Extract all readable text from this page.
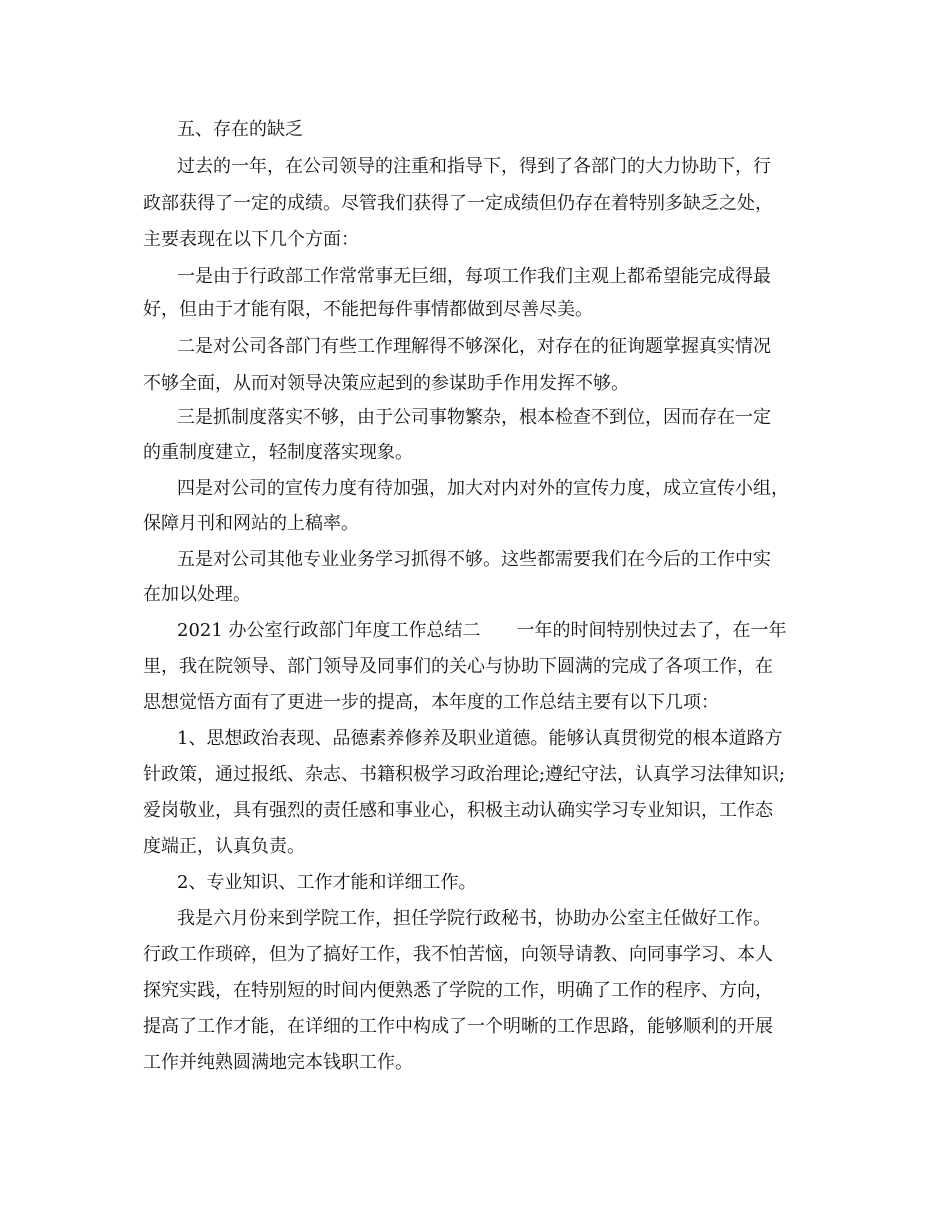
五、存在的缺乏
过去的一年，在公司领导的注重和指导下，得到了各部门的大力协助下，行
政部获得了一定的成绩。尽管我们获得了一定成绩但仍存在着特别多缺乏之处，
主要表现在以下几个方面：
一是由于行政部工作常常事无巨细，每项工作我们主观上都希望能完成得最
好，但由于才能有限，不能把每件事情都做到尽善尽美。
二是对公司各部门有些工作理解得不够深化，对存在的征询题掌握真实情况
不够全面，从而对领导决策应起到的参谋助手作用发挥不够。
三是抓制度落实不够，由于公司事物繁杂，根本检查不到位，因而存在一定
的重制度建立，轻制度落实现象。
四是对公司的宣传力度有待加强，加大对内对外的宣传力度，成立宣传小组，
保障月刊和网站的上稿率。
五是对公司其他专业业务学习抓得不够。这些都需要我们在今后的工作中实
在加以处理。
2021 办公室行政部门年度工作总结二　　一年的时间特别快过去了，在一年
里，我在院领导、部门领导及同事们的关心与协助下圆满的完成了各项工作，在
思想觉悟方面有了更进一步的提高，本年度的工作总结主要有以下几项：
1、思想政治表现、品德素养修养及职业道德。能够认真贯彻党的根本道路方
针政策，通过报纸、杂志、书籍积极学习政治理论;遵纪守法，认真学习法律知识;
爱岗敬业，具有强烈的责任感和事业心，积极主动认确实学习专业知识，工作态
度端正，认真负责。
2、专业知识、工作才能和详细工作。
我是六月份来到学院工作，担任学院行政秘书，协助办公室主任做好工作。
行政工作琐碎，但为了搞好工作，我不怕苦恼，向领导请教、向同事学习、本人
探究实践，在特别短的时间内便熟悉了学院的工作，明确了工作的程序、方向，
提高了工作才能，在详细的工作中构成了一个明晰的工作思路，能够顺利的开展
工作并纯熟圆满地完本钱职工作。
